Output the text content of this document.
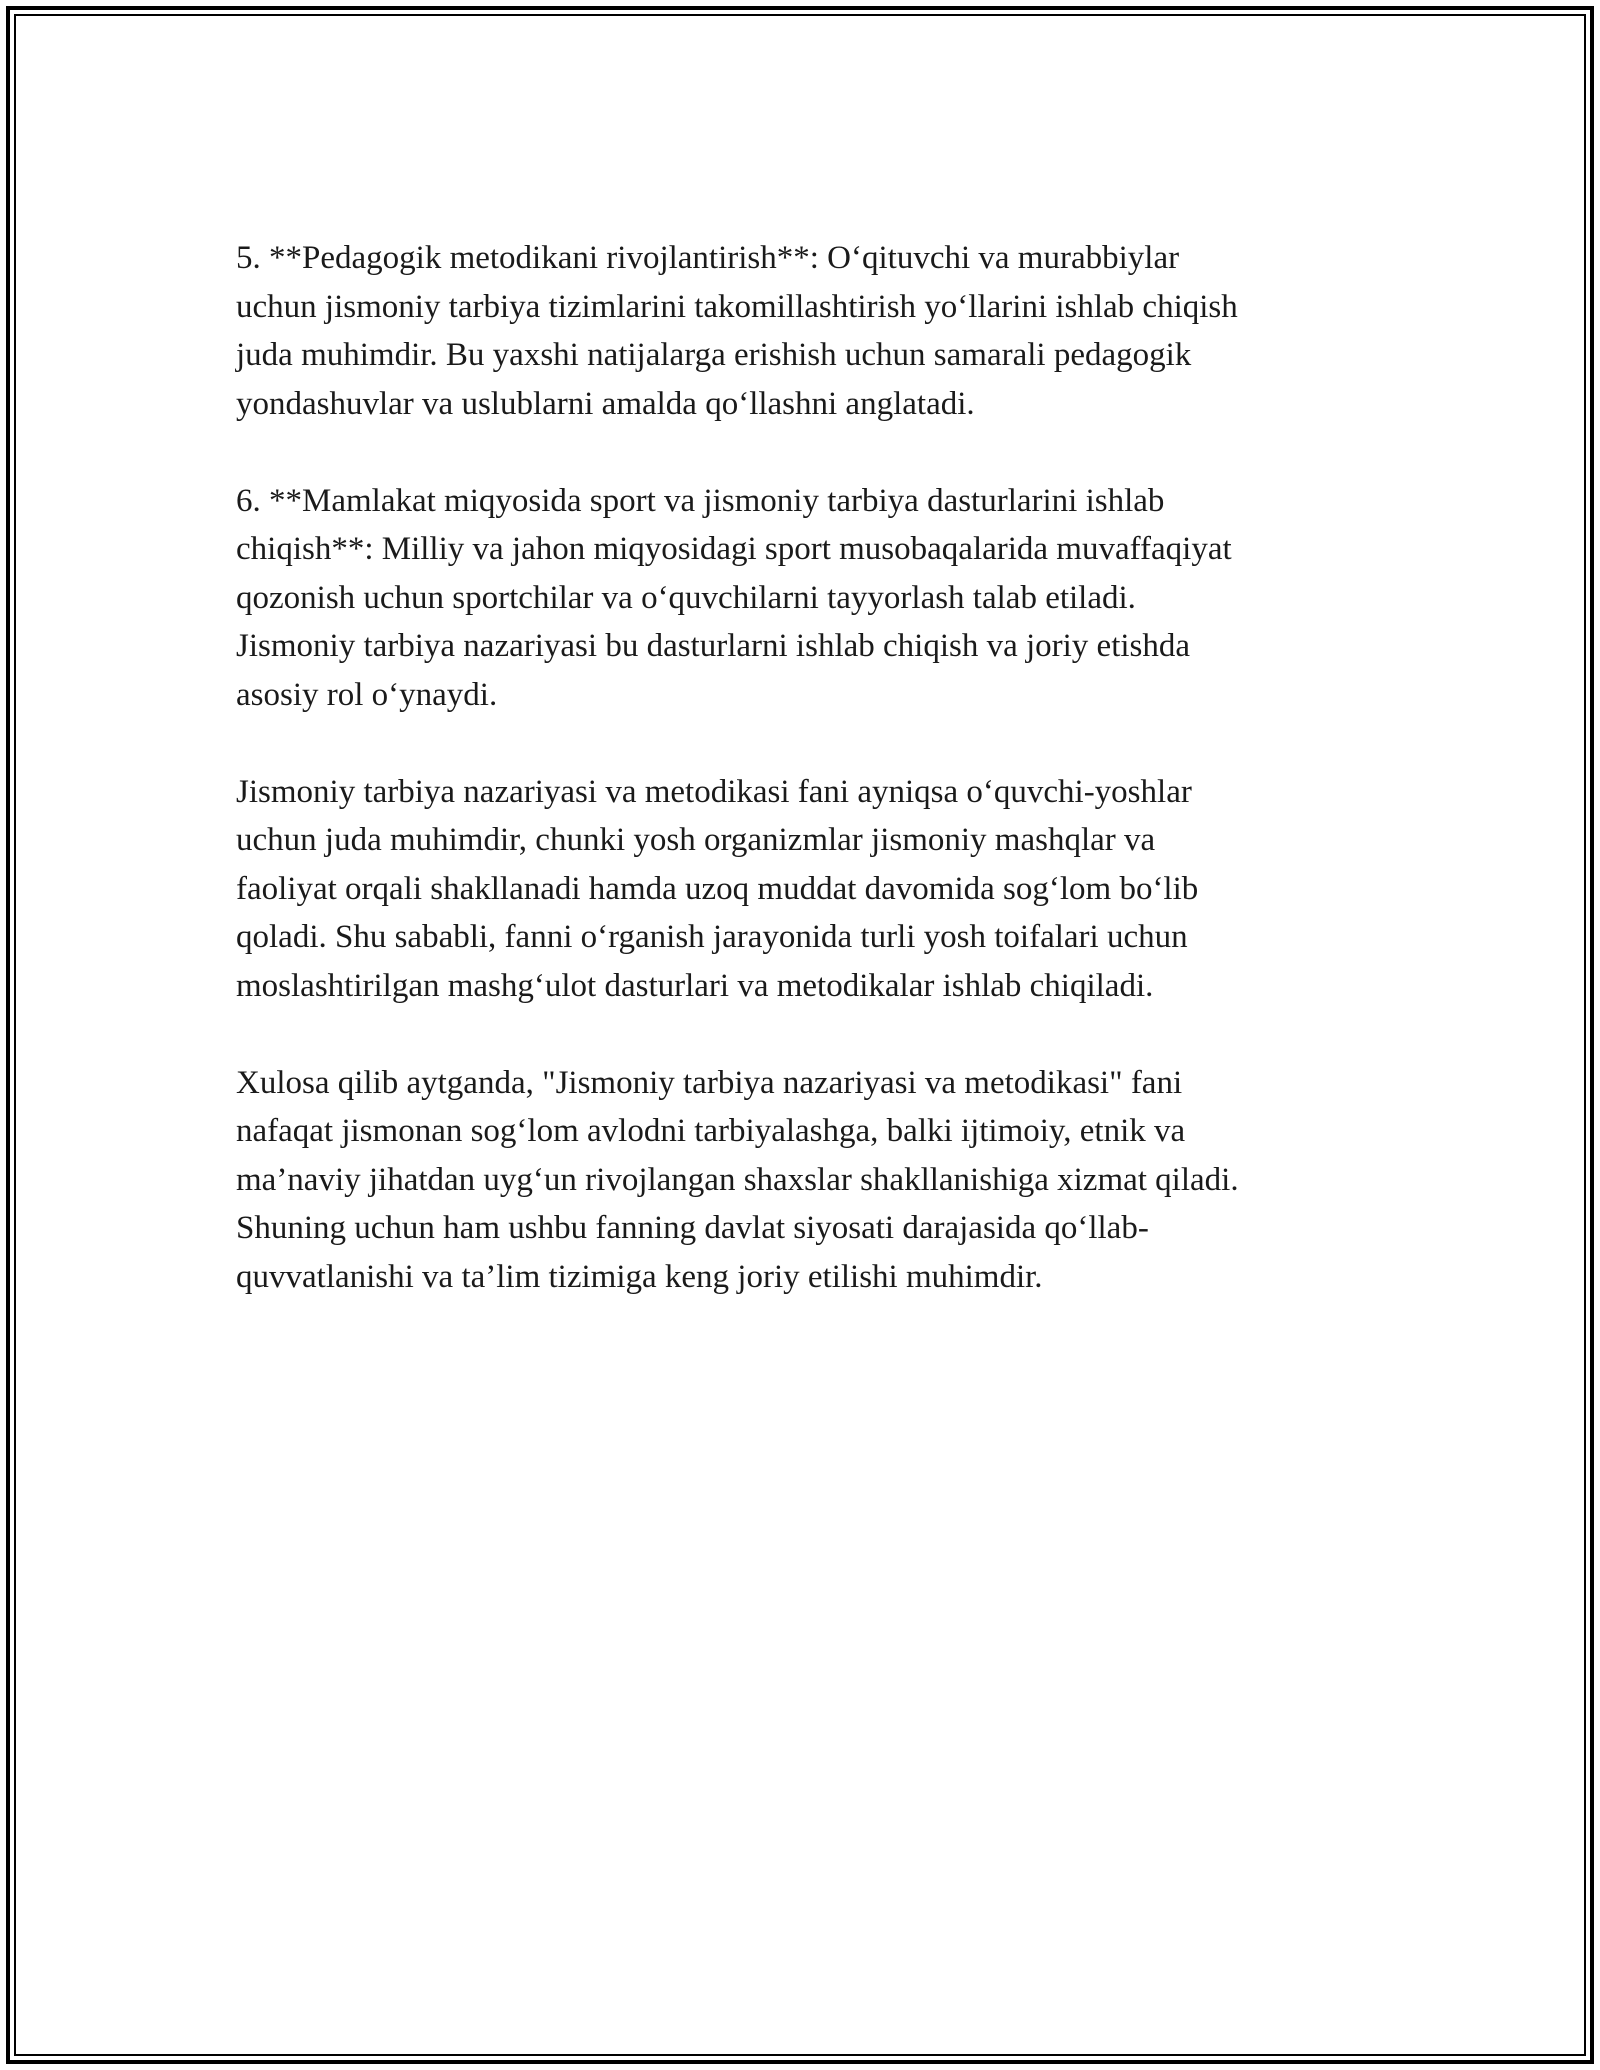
5. **Pedagogik metodikani rivojlantirish**: O‘qituvchi va murabbiylar
uchun jismoniy tarbiya tizimlarini takomillashtirish yo‘llarini ishlab chiqish
juda muhimdir. Bu yaxshi natijalarga erishish uchun samarali pedagogik
yondashuvlar va uslublarni amalda qo‘llashni anglatadi.

6. **Mamlakat miqyosida sport va jismoniy tarbiya dasturlarini ishlab
chiqish**: Milliy va jahon miqyosidagi sport musobaqalarida muvaffaqiyat
qozonish uchun sportchilar va o‘quvchilarni tayyorlash talab etiladi.
Jismoniy tarbiya nazariyasi bu dasturlarni ishlab chiqish va joriy etishda
asosiy rol o‘ynaydi.

Jismoniy tarbiya nazariyasi va metodikasi fani ayniqsa o‘quvchi-yoshlar
uchun juda muhimdir, chunki yosh organizmlar jismoniy mashqlar va
faoliyat orqali shakllanadi hamda uzoq muddat davomida sog‘lom bo‘lib
qoladi. Shu sababli, fanni o‘rganish jarayonida turli yosh toifalari uchun
moslashtirilgan mashg‘ulot dasturlari va metodikalar ishlab chiqiladi.

Xulosa qilib aytganda, "Jismoniy tarbiya nazariyasi va metodikasi" fani
nafaqat jismonan sog‘lom avlodni tarbiyalashga, balki ijtimoiy, etnik va
ma’naviy jihatdan uyg‘un rivojlangan shaxslar shakllanishiga xizmat qiladi.
Shuning uchun ham ushbu fanning davlat siyosati darajasida qo‘llab-
quvvatlanishi va ta’lim tizimiga keng joriy etilishi muhimdir.
